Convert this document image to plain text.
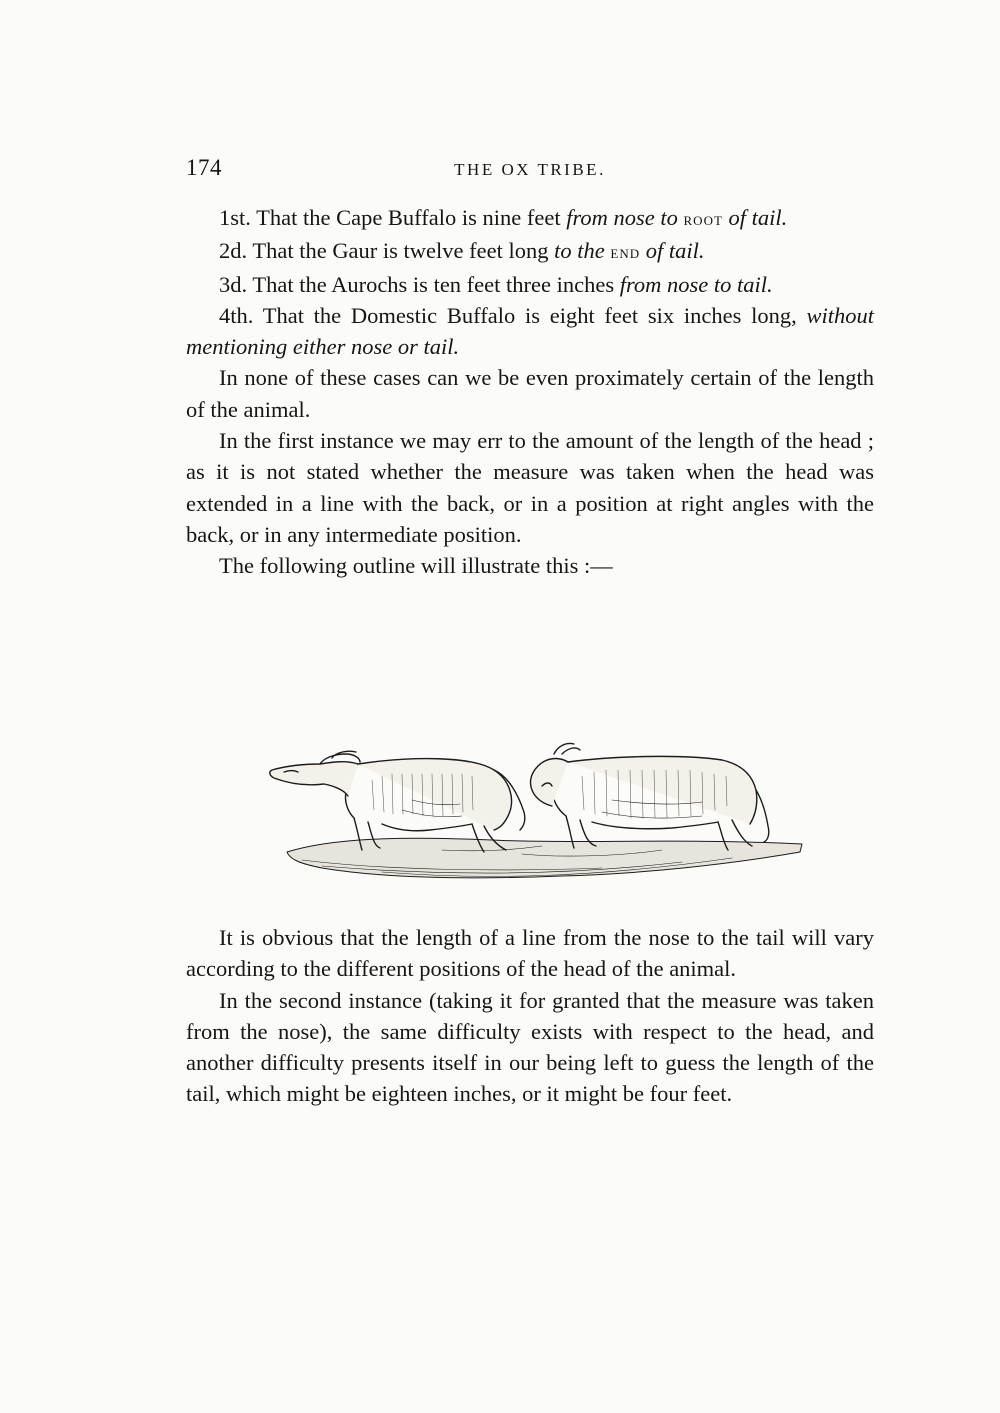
174	THE OX TRIBE.

1st. That the Cape Buffalo is nine feet from nose to root of tail.

2d. That the Gaur is twelve feet long to the end of tail.

3d. That the Aurochs is ten feet three inches from nose to tail.

4th. That the Domestic Buffalo is eight feet six inches long, without mentioning either nose or tail.

In none of these cases can we be even proximately certain of the length of the animal.

In the first instance we may err to the amount of the length of the head ; as it is not stated whether the measure was taken when the head was extended in a line with the back, or in a position at right angles with the back, or in any intermediate position.

The following outline will illustrate this :—

It is obvious that the length of a line from the nose to the tail will vary according to the different positions of the head of the animal.

In the second instance (taking it for granted that the measure was taken from the nose), the same difficulty exists with respect to the head, and another difficulty presents itself in our being left to guess the length of the tail, which might be eighteen inches, or it might be four feet.
